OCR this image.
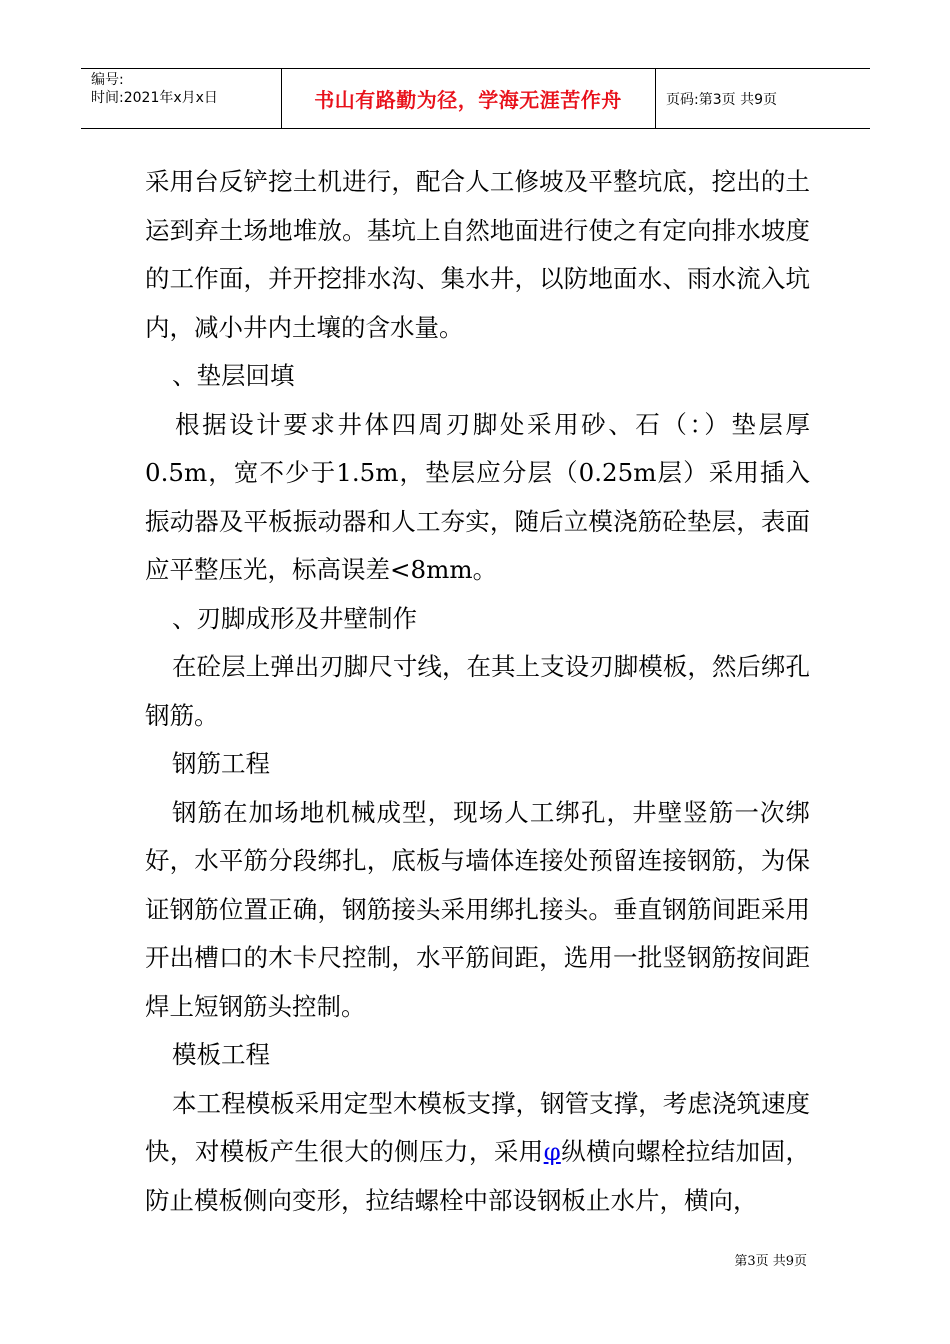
编号:
时间:2021年x月x日	书山有路勤为径，学海无涯苦作舟	页码:第3页 共9页

采用台反铲挖土机进行，配合人工修坡及平整坑底，挖出的土运到弃土场地堆放。基坑上自然地面进行使之有定向排水坡度的工作面，并开挖排水沟、集水井，以防地面水、雨水流入坑内，减小井内土壤的含水量。

、垫层回填

根据设计要求井体四周刃脚处采用砂、石（：）垫层厚0.5m，宽不少于1.5m，垫层应分层（0.25m层）采用插入振动器及平板振动器和人工夯实，随后立模浇筋砼垫层，表面应平整压光，标高误差<8mm。

、刃脚成形及井壁制作

在砼层上弹出刃脚尺寸线，在其上支设刃脚模板，然后绑孔钢筋。

钢筋工程

钢筋在加场地机械成型，现场人工绑孔，井壁竖筋一次绑好，水平筋分段绑扎，底板与墙体连接处预留连接钢筋，为保证钢筋位置正确，钢筋接头采用绑扎接头。垂直钢筋间距采用开出槽口的木卡尺控制，水平筋间距，选用一批竖钢筋按间距焊上短钢筋头控制。

模板工程

本工程模板采用定型木模板支撑，钢管支撑，考虑浇筑速度快，对模板产生很大的侧压力，采用φ纵横向螺栓拉结加固，防止模板侧向变形，拉结螺栓中部设钢板止水片，横向，

第3页 共9页
